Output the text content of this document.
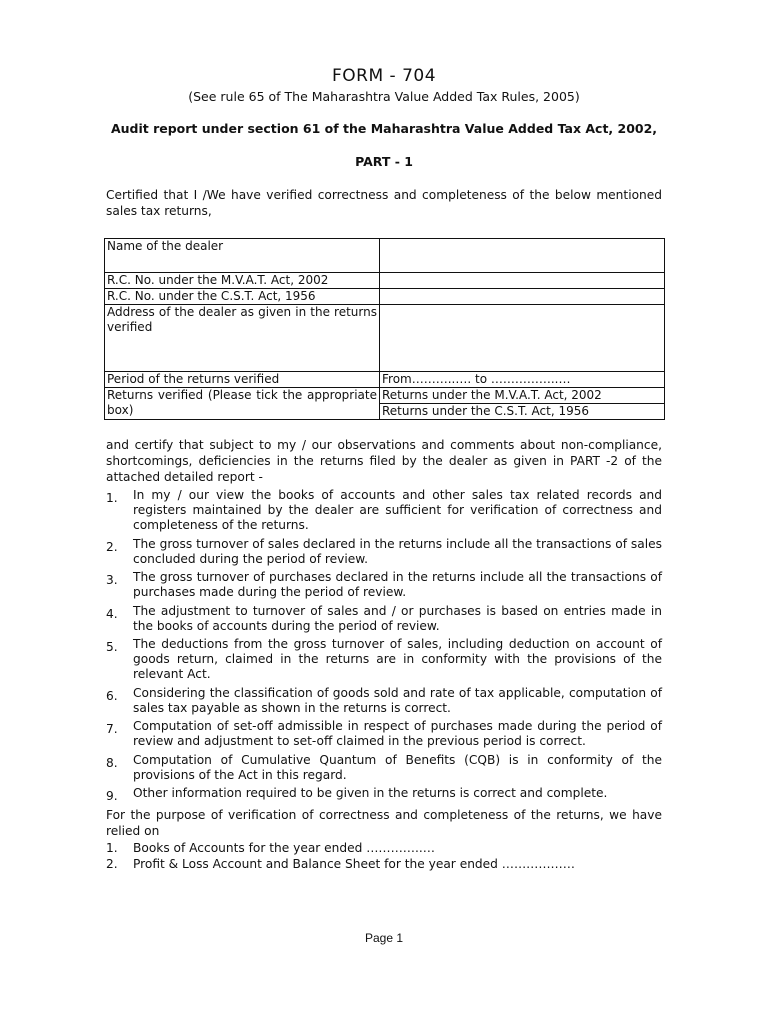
FORM - 704
(See rule 65 of The Maharashtra Value Added Tax Rules, 2005)
Audit report under section 61 of the Maharashtra Value Added Tax Act, 2002,
PART - 1
Certified that I /We have verified correctness and completeness of the below mentioned sales tax returns,
Name of the dealer	
R.C. No. under the M.V.A.T. Act, 2002	
R.C. No. under the C.S.T. Act, 1956	
Address of the dealer as given in the returns verified	
Period of the returns verified	From………..…. to ……………..…
Returns verified (Please tick the appropriate box)	Returns under the M.V.A.T. Act, 2002
	Returns under the C.S.T. Act, 1956
and certify that subject to my / our observations and comments about non-compliance, shortcomings, deficiencies in the returns filed by the dealer as given in PART -2 of the attached detailed report -
1. In my / our view the books of accounts and other sales tax related records and registers maintained by the dealer are sufficient for verification of correctness and completeness of the returns.
2. The gross turnover of sales declared in the returns include all the transactions of sales concluded during the period of review.
3. The gross turnover of purchases declared in the returns include all the transactions of purchases made during the period of review.
4. The adjustment to turnover of sales and / or purchases is based on entries made in the books of accounts during the period of review.
5. The deductions from the gross turnover of sales, including deduction on account of goods return, claimed in the returns are in conformity with the provisions of the relevant Act.
6. Considering the classification of goods sold and rate of tax applicable, computation of sales tax payable as shown in the returns is correct.
7. Computation of set-off admissible in respect of purchases made during the period of review and adjustment to set-off claimed in the previous period is correct.
8. Computation of Cumulative Quantum of Benefits (CQB) is in conformity of the provisions of the Act in this regard.
9. Other information required to be given in the returns is correct and complete.
For the purpose of verification of correctness and completeness of the returns, we have relied on
1. Books of Accounts for the year ended …………..…
2. Profit & Loss Account and Balance Sheet for the year ended ………………
Page 1
